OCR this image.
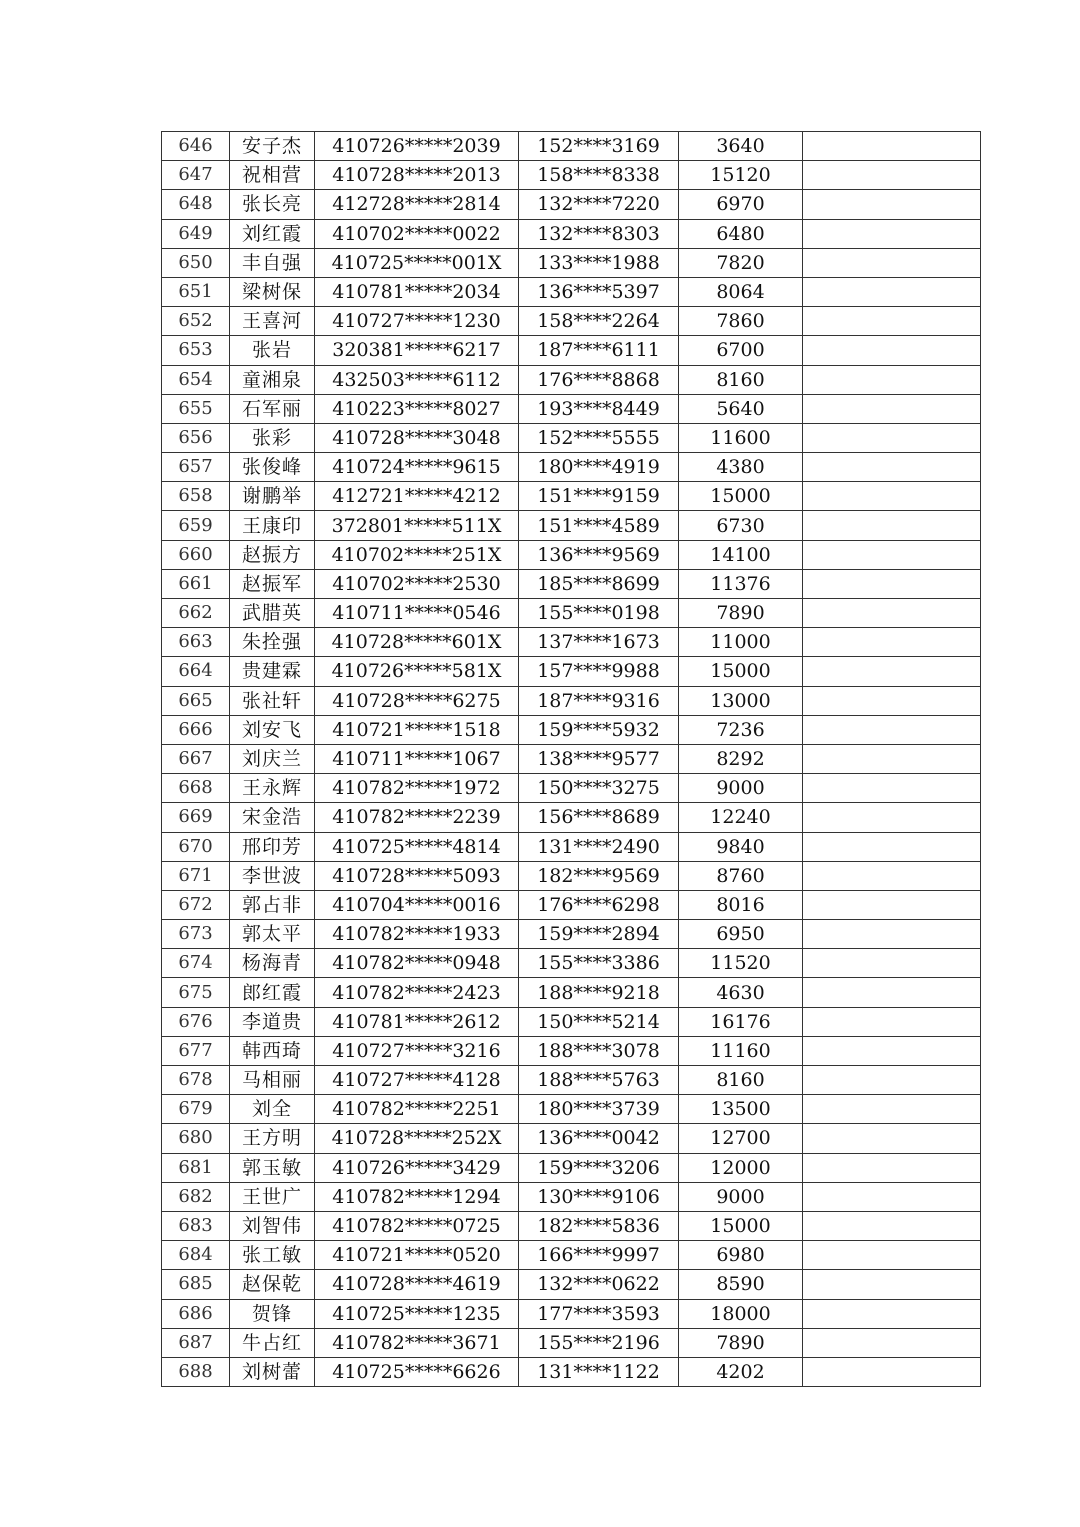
646	安子杰	410726*****2039	152****3169	3640	
647	祝相营	410728*****2013	158****8338	15120	
648	张长亮	412728*****2814	132****7220	6970	
649	刘红霞	410702*****0022	132****8303	6480	
650	丰自强	410725*****001X	133****1988	7820	
651	梁树保	410781*****2034	136****5397	8064	
652	王喜河	410727*****1230	158****2264	7860	
653	张岩	320381*****6217	187****6111	6700	
654	童湘泉	432503*****6112	176****8868	8160	
655	石军丽	410223*****8027	193****8449	5640	
656	张彩	410728*****3048	152****5555	11600	
657	张俊峰	410724*****9615	180****4919	4380	
658	谢鹏举	412721*****4212	151****9159	15000	
659	王康印	372801*****511X	151****4589	6730	
660	赵振方	410702*****251X	136****9569	14100	
661	赵振军	410702*****2530	185****8699	11376	
662	武腊英	410711*****0546	155****0198	7890	
663	朱拴强	410728*****601X	137****1673	11000	
664	贵建霖	410726*****581X	157****9988	15000	
665	张社轩	410728*****6275	187****9316	13000	
666	刘安飞	410721*****1518	159****5932	7236	
667	刘庆兰	410711*****1067	138****9577	8292	
668	王永辉	410782*****1972	150****3275	9000	
669	宋金浩	410782*****2239	156****8689	12240	
670	邢印芳	410725*****4814	131****2490	9840	
671	李世波	410728*****5093	182****9569	8760	
672	郭占非	410704*****0016	176****6298	8016	
673	郭太平	410782*****1933	159****2894	6950	
674	杨海青	410782*****0948	155****3386	11520	
675	郎红霞	410782*****2423	188****9218	4630	
676	李道贵	410781*****2612	150****5214	16176	
677	韩西琦	410727*****3216	188****3078	11160	
678	马相丽	410727*****4128	188****5763	8160	
679	刘全	410782*****2251	180****3739	13500	
680	王方明	410728*****252X	136****0042	12700	
681	郭玉敏	410726*****3429	159****3206	12000	
682	王世广	410782*****1294	130****9106	9000	
683	刘智伟	410782*****0725	182****5836	15000	
684	张工敏	410721*****0520	166****9997	6980	
685	赵保乾	410728*****4619	132****0622	8590	
686	贺锋	410725*****1235	177****3593	18000	
687	牛占红	410782*****3671	155****2196	7890	
688	刘树蕾	410725*****6626	131****1122	4202	
